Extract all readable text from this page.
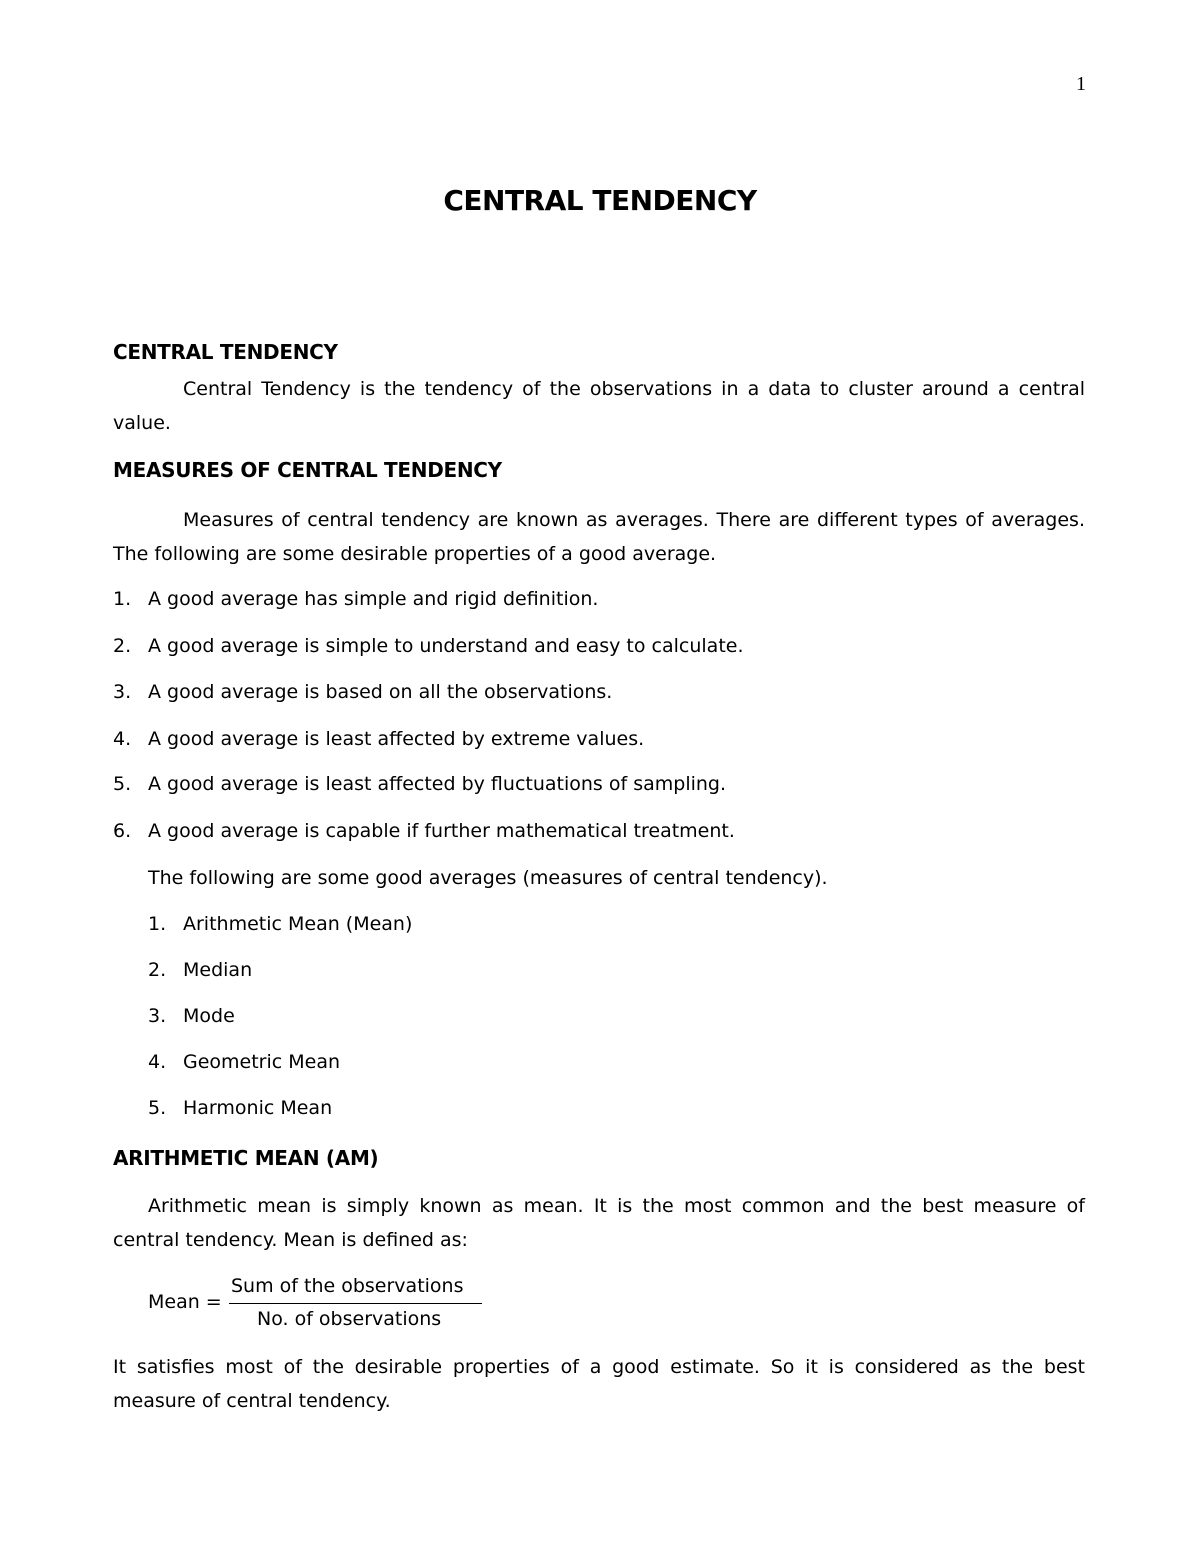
1
CENTRAL TENDENCY
CENTRAL TENDENCY
Central Tendency is the tendency of the observations in a data to cluster around a central value.
MEASURES OF CENTRAL TENDENCY
Measures of central tendency are known as averages. There are different types of averages. The following are some desirable properties of a good average.
1. A good average has simple and rigid definition.
2. A good average is simple to understand and easy to calculate.
3. A good average is based on all the observations.
4. A good average is least affected by extreme values.
5. A good average is least affected by fluctuations of sampling.
6. A good average is capable if further mathematical treatment.
The following are some good averages (measures of central tendency).
1. Arithmetic Mean (Mean)
2. Median
3. Mode
4. Geometric Mean
5. Harmonic Mean
ARITHMETIC MEAN (AM)
Arithmetic mean is simply known as mean. It is the most common and the best measure of central tendency. Mean is defined as:
Mean =
Sum of the observations
No. of observations
It satisfies most of the desirable properties of a good estimate. So it is considered as the best measure of central tendency.
